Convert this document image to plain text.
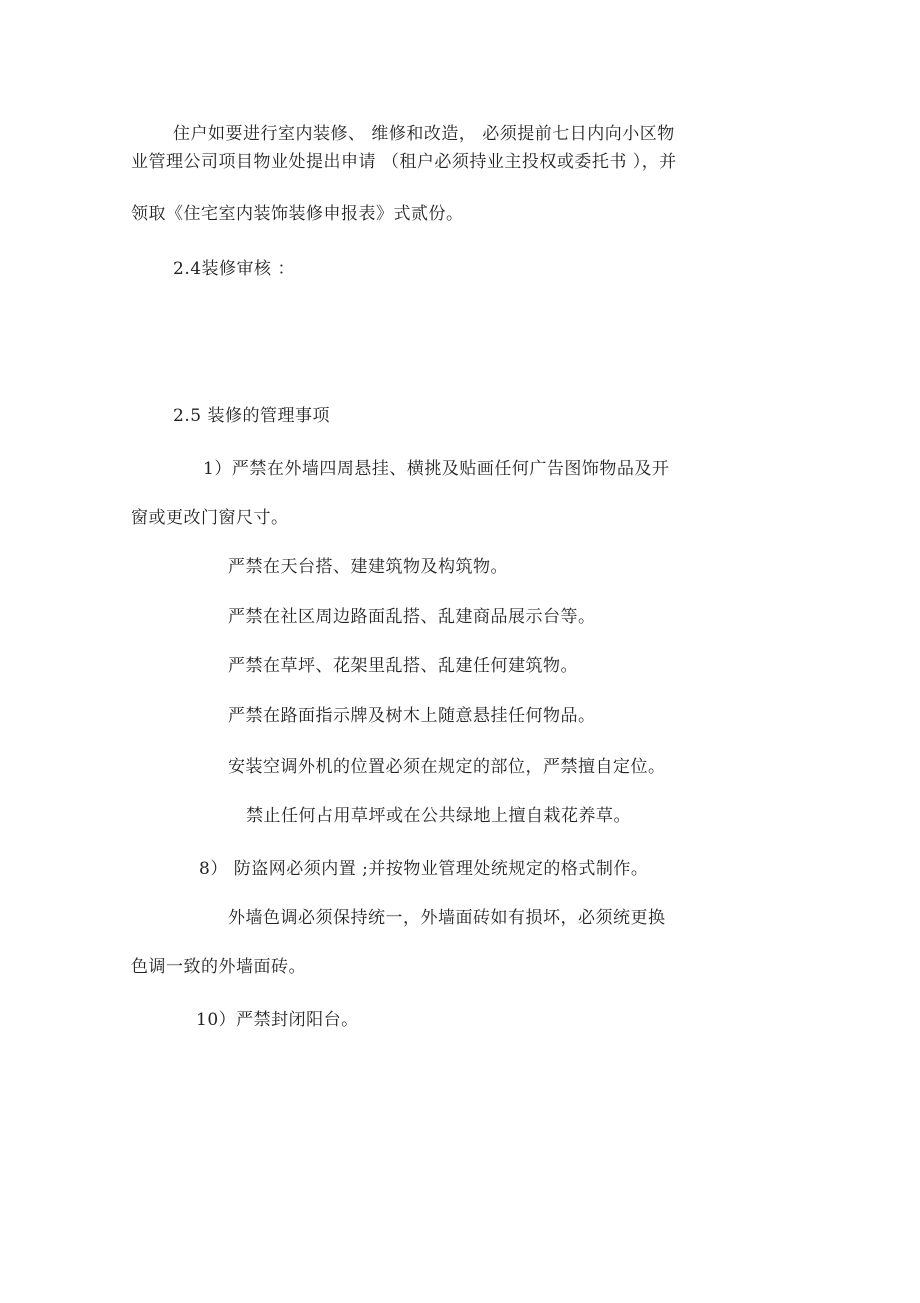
住户如要进行室内装修、 维修和改造， 必须提前七日内向小区物
业管理公司项目物业处提出申请 （租户必须持业主投权或委托书 ），并
领取《住宅室内装饰装修申报表》式贰份。
2.4装修审核 ：
2.5 装修的管理事项
1）严禁在外墙四周悬挂、横挑及贴画任何广告图饰物品及开
窗或更改门窗尺寸。
严禁在天台搭、建建筑物及构筑物。
严禁在社区周边路面乱搭、乱建商品展示台等。
严禁在草坪、花架里乱搭、乱建任何建筑物。
严禁在路面指示牌及树木上随意悬挂任何物品。
安装空调外机的位置必须在规定的部位，严禁擅自定位。
禁止任何占用草坪或在公共绿地上擅自栽花养草。
8） 防盗网必须内置 ;并按物业管理处统规定的格式制作。
外墙色调必须保持统一，外墙面砖如有损坏，必须统更换
色调一致的外墙面砖。
10）严禁封闭阳台。
